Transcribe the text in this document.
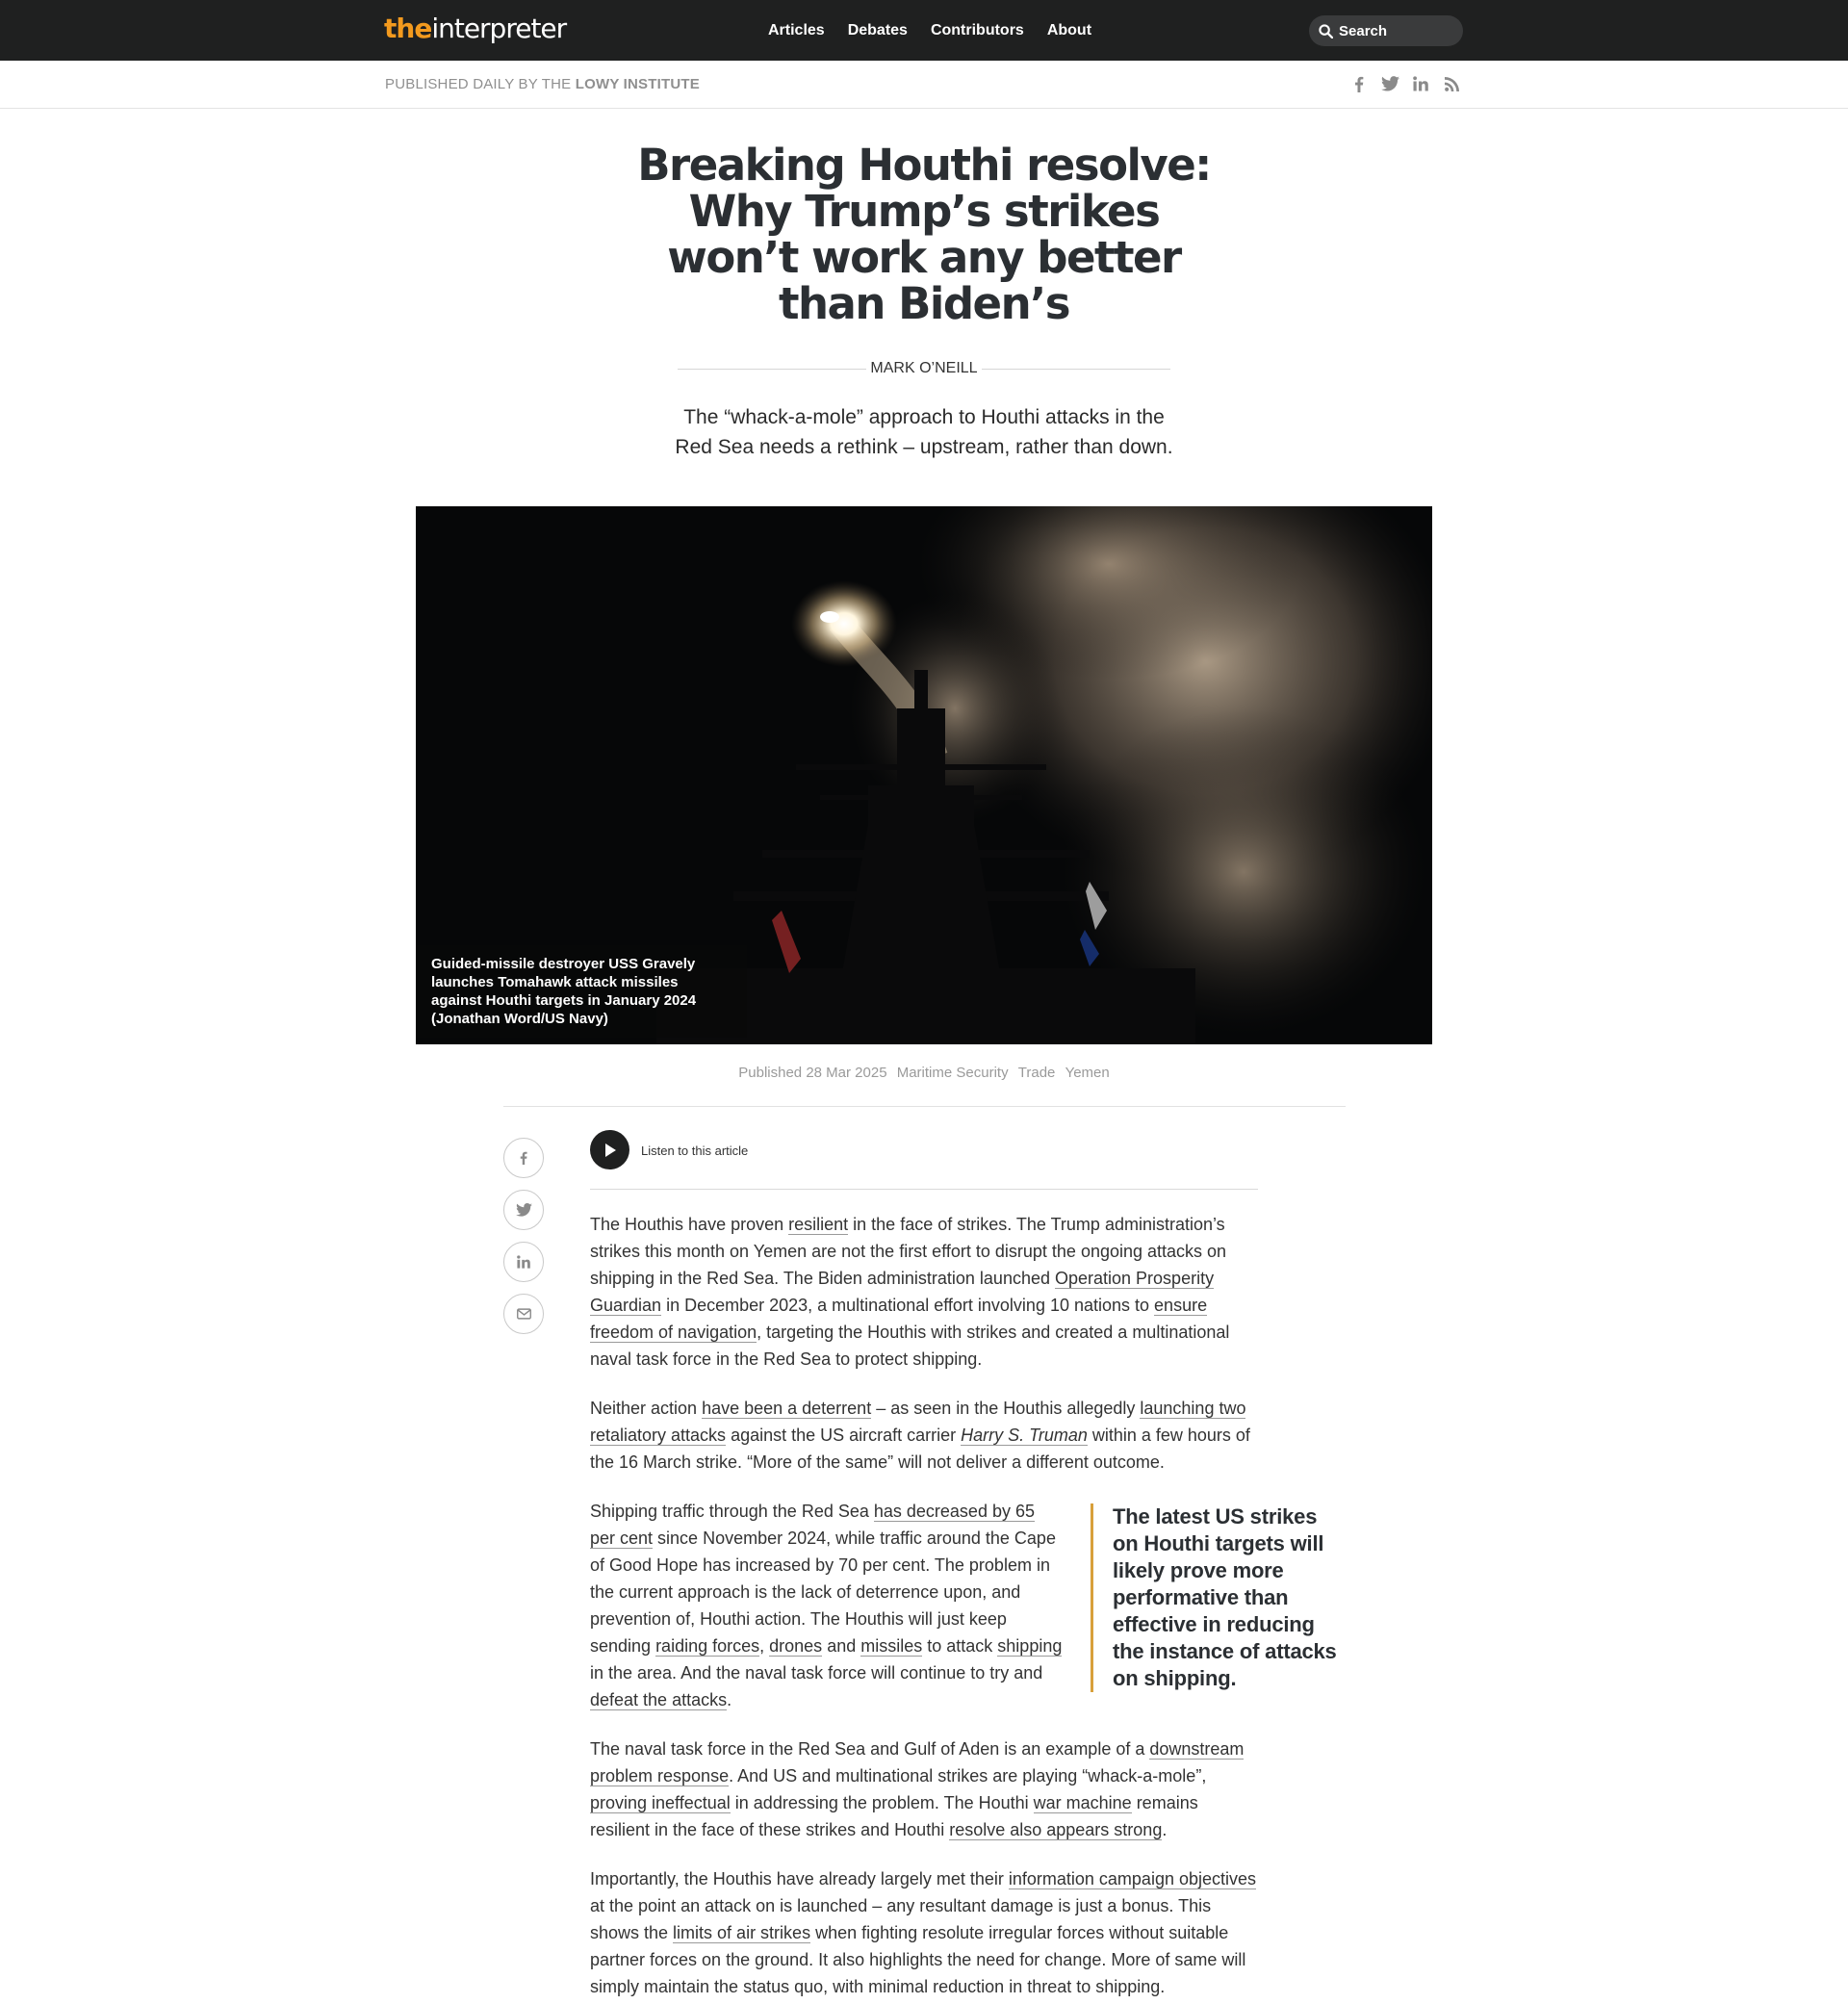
theinterpreter	Articles Debates Contributors About	Search
PUBLISHED DAILY BY THE LOWY INSTITUTE
Breaking Houthi resolve: Why Trump’s strikes won’t work any better than Biden’s
MARK O’NEILL

The “whack-a-mole” approach to Houthi attacks in the Red Sea needs a rethink – upstream, rather than down.

Guided-missile destroyer USS Gravely launches Tomahawk attack missiles against Houthi targets in January 2024 (Jonathan Word/US Navy)
Published 28 Mar 2025 Maritime Security Trade Yemen
Listen to this article

The Houthis have proven resilient in the face of strikes. The Trump administration’s strikes this month on Yemen are not the first effort to disrupt the ongoing attacks on shipping in the Red Sea. The Biden administration launched Operation Prosperity Guardian in December 2023, a multinational effort involving 10 nations to ensure freedom of navigation, targeting the Houthis with strikes and created a multinational naval task force in the Red Sea to protect shipping.

Neither action have been a deterrent – as seen in the Houthis allegedly launching two retaliatory attacks against the US aircraft carrier Harry S. Truman within a few hours of the 16 March strike. “More of the same” will not deliver a different outcome.

Shipping traffic through the Red Sea has decreased by 65 per cent since November 2024, while traffic around the Cape of Good Hope has increased by 70 per cent. The problem in the current approach is the lack of deterrence upon, and prevention of, Houthi action. The Houthis will just keep sending raiding forces, drones and missiles to attack shipping in the area. And the naval task force will continue to try and defeat the attacks.

The naval task force in the Red Sea and Gulf of Aden is an example of a downstream problem response. And US and multinational strikes are playing “whack-a-mole”, proving ineffectual in addressing the problem. The Houthi war machine remains resilient in the face of these strikes and Houthi resolve also appears strong.

Importantly, the Houthis have already largely met their information campaign objectives at the point an attack on is launched – any resultant damage is just a bonus. This shows the limits of air strikes when fighting resolute irregular forces without suitable partner forces on the ground. It also highlights the need for change. More of same will simply maintain the status quo, with minimal reduction in threat to shipping.

The latest US strikes on Houthi targets will likely prove more performative than effective in reducing the instance of attacks on shipping.
